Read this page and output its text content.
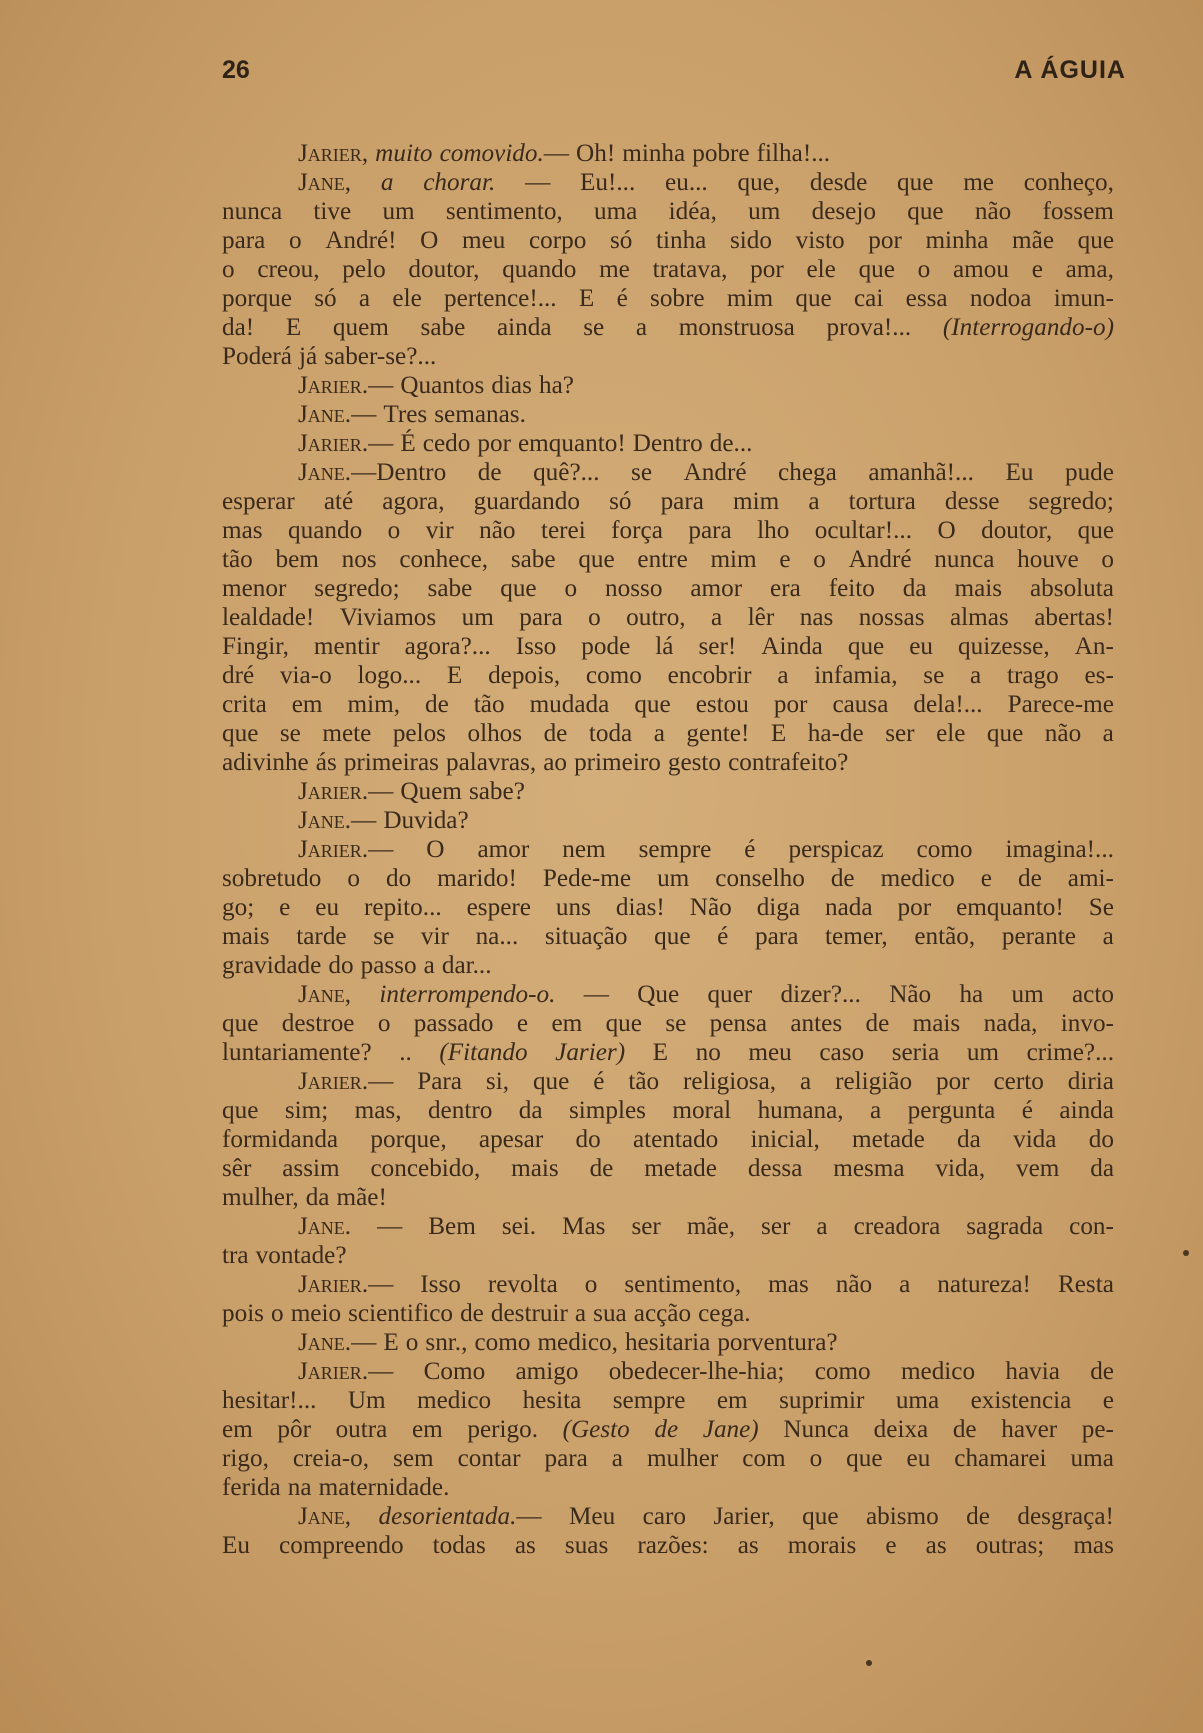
26	A ÁGUIA
Jarier, muito comovido.— Oh! minha pobre filha!...
Jane, a chorar. — Eu!... eu... que, desde que me conheço,
nunca tive um sentimento, uma idéa, um desejo que não fossem
para o André! O meu corpo só tinha sido visto por minha mãe que
o creou, pelo doutor, quando me tratava, por ele que o amou e ama,
porque só a ele pertence!... E é sobre mim que cai essa nodoa imun-
da! E quem sabe ainda se a monstruosa prova!... (Interrogando-o)
Poderá já saber-se?...
Jarier.— Quantos dias ha?
Jane.— Tres semanas.
Jarier.— É cedo por emquanto! Dentro de...
Jane.—Dentro de quê?... se André chega amanhã!... Eu pude
esperar até agora, guardando só para mim a tortura desse segredo;
mas quando o vir não terei força para lho ocultar!... O doutor, que
tão bem nos conhece, sabe que entre mim e o André nunca houve o
menor segredo; sabe que o nosso amor era feito da mais absoluta
lealdade! Viviamos um para o outro, a lêr nas nossas almas abertas!
Fingir, mentir agora?... Isso pode lá ser! Ainda que eu quizesse, An-
dré via-o logo... E depois, como encobrir a infamia, se a trago es-
crita em mim, de tão mudada que estou por causa dela!... Parece-me
que se mete pelos olhos de toda a gente! E ha-de ser ele que não a
adivinhe ás primeiras palavras, ao primeiro gesto contrafeito?
Jarier.— Quem sabe?
Jane.— Duvida?
Jarier.— O amor nem sempre é perspicaz como imagina!...
sobretudo o do marido! Pede-me um conselho de medico e de ami-
go; e eu repito... espere uns dias! Não diga nada por emquanto! Se
mais tarde se vir na... situação que é para temer, então, perante a
gravidade do passo a dar...
Jane, interrompendo-o. — Que quer dizer?... Não ha um acto
que destroe o passado e em que se pensa antes de mais nada, invo-
luntariamente? .. (Fitando Jarier) E no meu caso seria um crime?...
Jarier.— Para si, que é tão religiosa, a religião por certo diria
que sim; mas, dentro da simples moral humana, a pergunta é ainda
formidanda porque, apesar do atentado inicial, metade da vida do
sêr assim concebido, mais de metade dessa mesma vida, vem da
mulher, da mãe!
Jane. — Bem sei. Mas ser mãe, ser a creadora sagrada con-
tra vontade?
Jarier.— Isso revolta o sentimento, mas não a natureza! Resta
pois o meio scientifico de destruir a sua acção cega.
Jane.— E o snr., como medico, hesitaria porventura?
Jarier.— Como amigo obedecer-lhe-hia; como medico havia de
hesitar!... Um medico hesita sempre em suprimir uma existencia e
em pôr outra em perigo. (Gesto de Jane) Nunca deixa de haver pe-
rigo, creia-o, sem contar para a mulher com o que eu chamarei uma
ferida na maternidade.
Jane, desorientada.— Meu caro Jarier, que abismo de desgraça!
Eu compreendo todas as suas razões: as morais e as outras; mas
